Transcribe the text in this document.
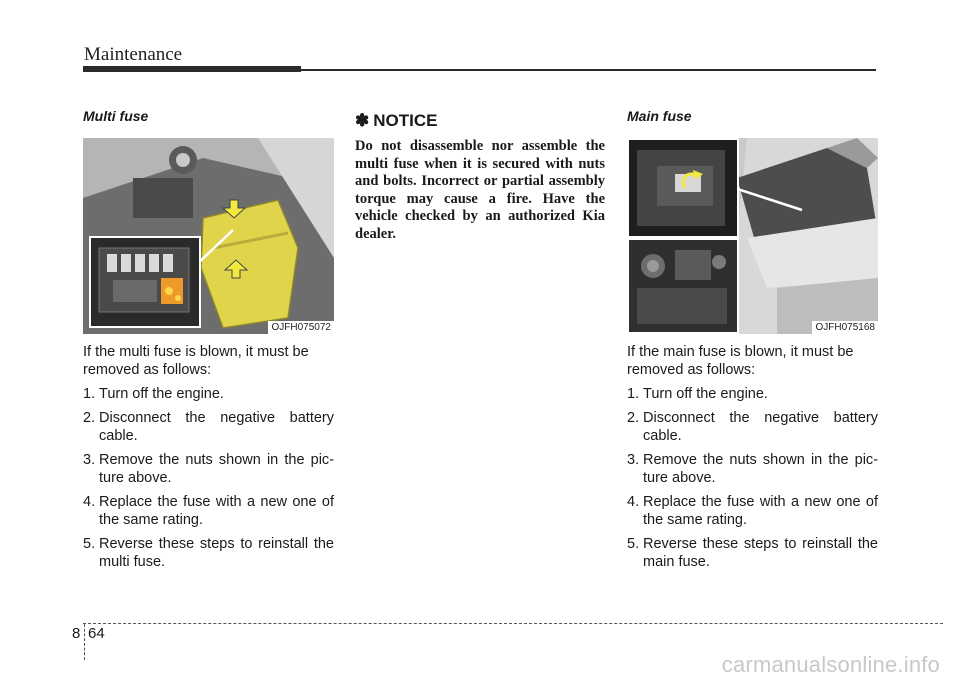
Maintenance
Multi fuse
OJFH075072

If the multi fuse is blown, it must be removed as follows:

1. Turn off the engine.
2. Disconnect the negative battery cable.
3. Remove the nuts shown in the pic-ture above.
4. Replace the fuse with a new one of the same rating.
5. Reverse these steps to reinstall the multi fuse.
✽ NOTICE

Do not disassemble nor assemble the multi fuse when it is secured with nuts and bolts. Incorrect or partial assembly torque may cause a fire. Have the vehicle checked by an authorized Kia dealer.

Main fuse
OJFH075168

If the main fuse is blown, it must be removed as follows:

1. Turn off the engine.
2. Disconnect the negative battery cable.
3. Remove the nuts shown in the pic-ture above.
4. Replace the fuse with a new one of the same rating.
5. Reverse these steps to reinstall the main fuse.
8 64
carmanualsonline.info
